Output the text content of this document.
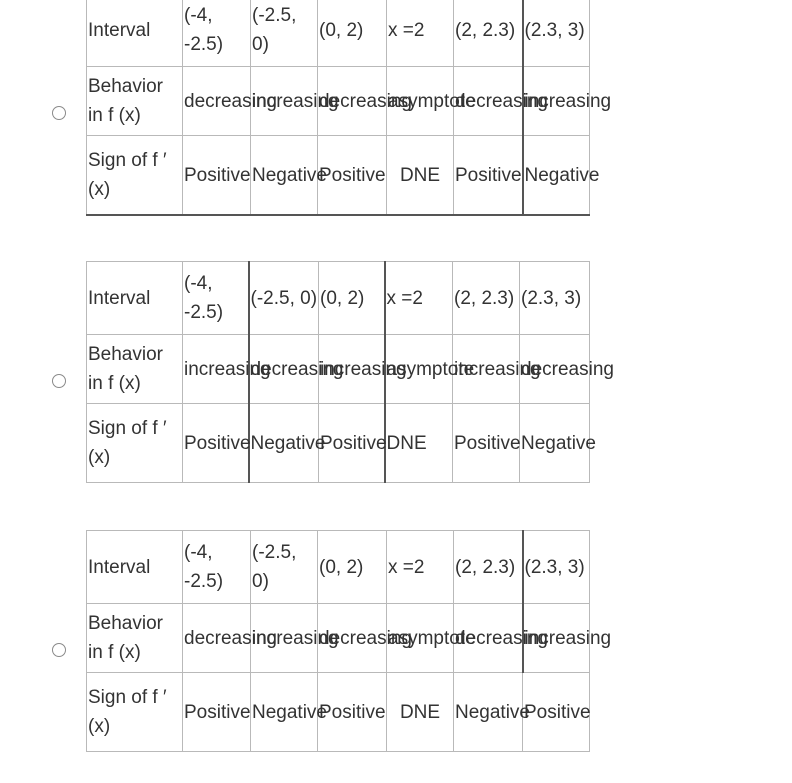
Interval	(-4, -2.5)	(-2.5, 0)	(0, 2)	x =2	(2, 2.3)	(2.3, 3)
Behavior in f (x)	decreasing	increasing	decreasing	asymptote	decreasing	increasing
Sign of f ′ (x)	Positive	Negative	Positive	DNE	Positive	Negative
Interval	(-4, -2.5)	(-2.5, 0)	(0, 2)	x =2	(2, 2.3)	(2.3, 3)
Behavior in f (x)	increasing	decreasing	increasing	asymptote	increasing	decreasing
Sign of f ′ (x)	Positive	Negative	Positive	DNE	Positive	Negative
Interval	(-4, -2.5)	(-2.5, 0)	(0, 2)	x =2	(2, 2.3)	(2.3, 3)
Behavior in f (x)	decreasing	increasing	decreasing	asymptote	decreasing	increasing
Sign of f ′ (x)	Positive	Negative	Positive	DNE	Negative	Positive
